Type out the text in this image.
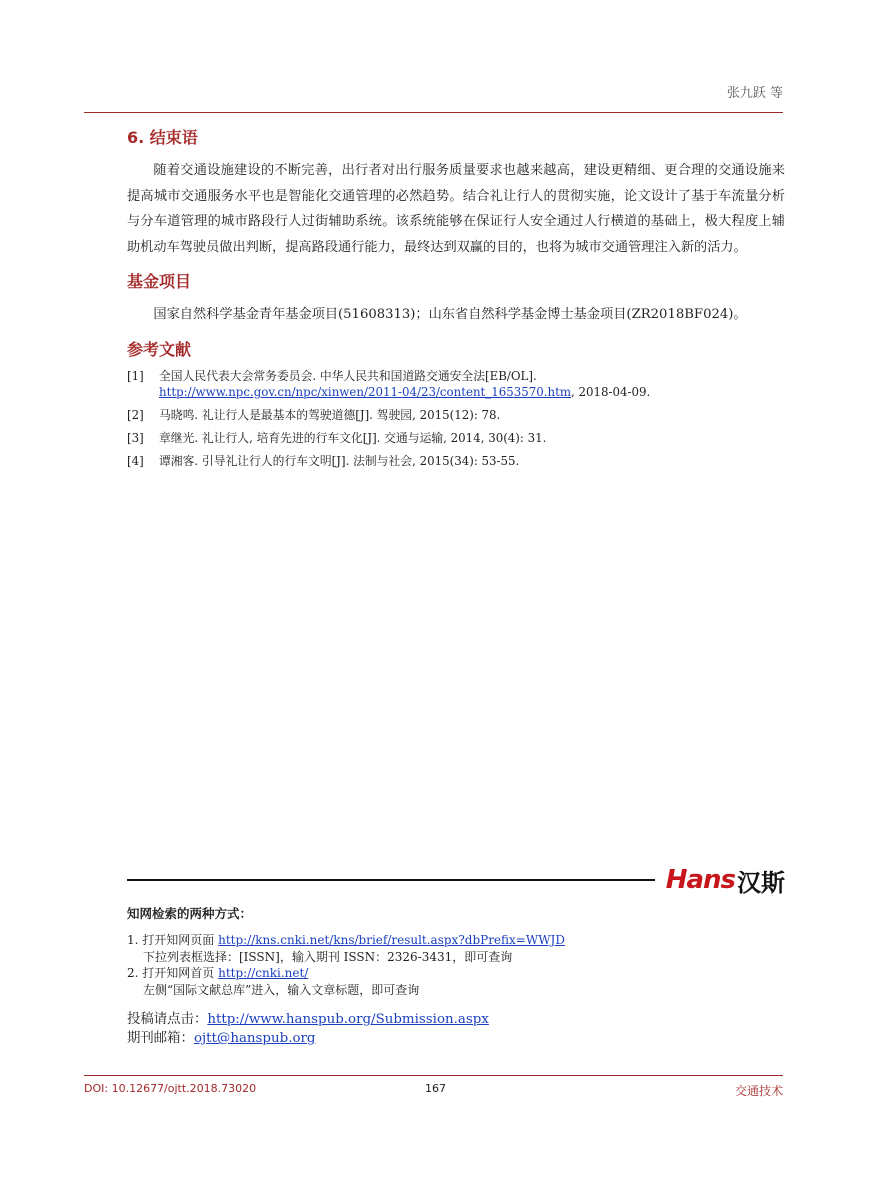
张九跃 等
6. 结束语

随着交通设施建设的不断完善，出行者对出行服务质量要求也越来越高，建设更精细、更合理的交通设施来提高城市交通服务水平也是智能化交通管理的必然趋势。结合礼让行人的贯彻实施，论文设计了基于车流量分析与分车道管理的城市路段行人过街辅助系统。该系统能够在保证行人安全通过人行横道的基础上，极大程度上辅助机动车驾驶员做出判断，提高路段通行能力，最终达到双赢的目的，也将为城市交通管理注入新的活力。

基金项目

国家自然科学基金青年基金项目(51608313)；山东省自然科学基金博士基金项目(ZR2018BF024)。

参考文献
[1]	全国人民代表大会常务委员会. 中华人民共和国道路交通安全法[EB/OL].
http://www.npc.gov.cn/npc/xinwen/2011-04/23/content_1653570.htm, 2018-04-09.
[2]	马晓鸣. 礼让行人是最基本的驾驶道德[J]. 驾驶园, 2015(12): 78.
[3]	章继光. 礼让行人, 培育先进的行车文化[J]. 交通与运输, 2014, 30(4): 31.
[4]	谭湘客. 引导礼让行人的行车文明[J]. 法制与社会, 2015(34): 53-55.
Hans 汉斯
知网检索的两种方式：
1. 打开知网页面 http://kns.cnki.net/kns/brief/result.aspx?dbPrefix=WWJD
下拉列表框选择：[ISSN]，输入期刊 ISSN：2326-3431，即可查询
2. 打开知网首页 http://cnki.net/
左侧“国际文献总库”进入，输入文章标题，即可查询
投稿请点击：http://www.hanspub.org/Submission.aspx
期刊邮箱：ojtt@hanspub.org
DOI: 10.12677/ojtt.2018.73020	167	交通技术
